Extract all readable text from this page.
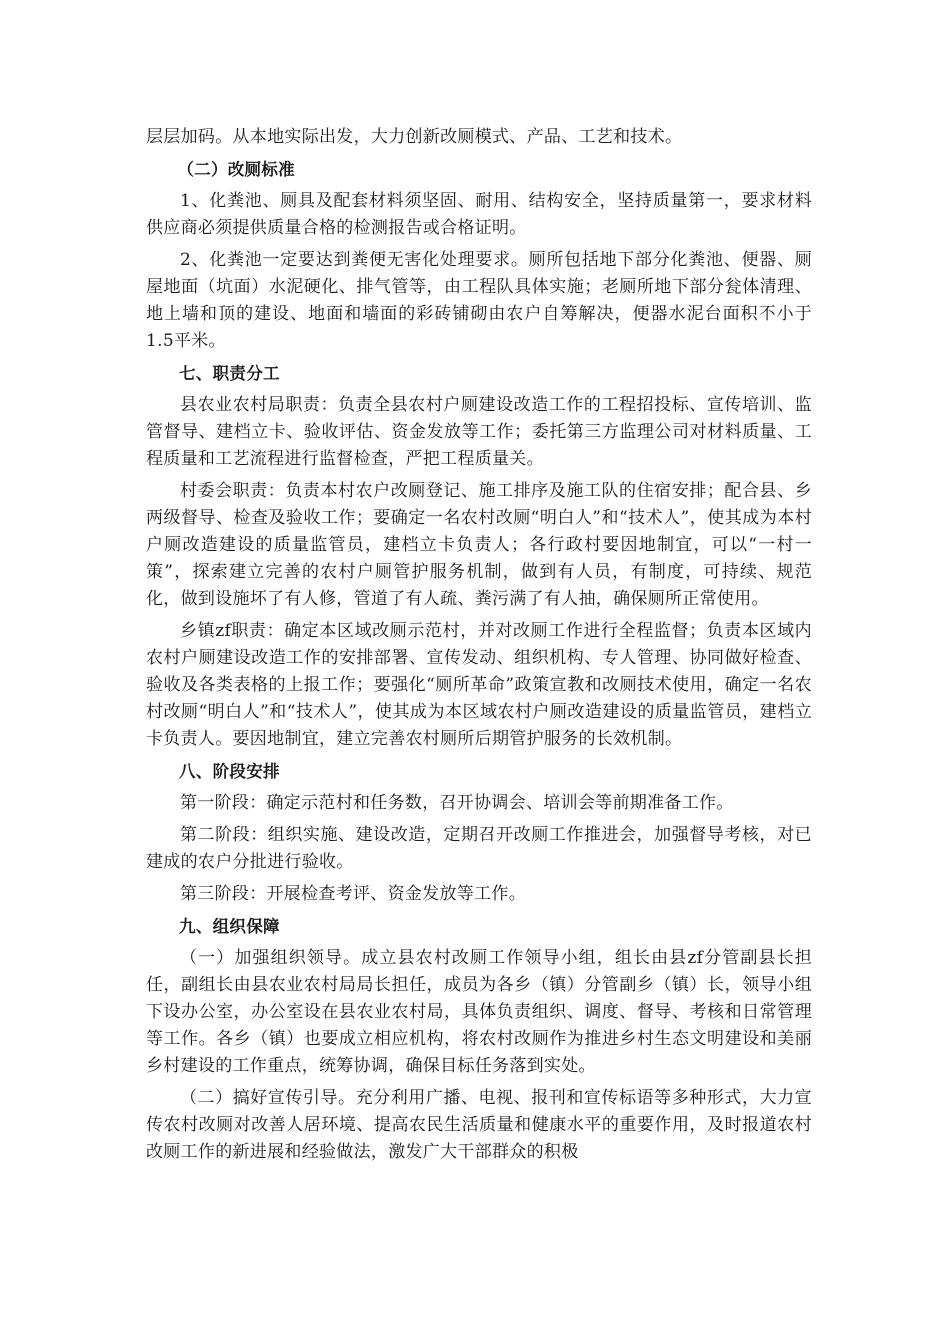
层层加码。从本地实际出发，大力创新改厕模式、产品、工艺和技术。

（二）改厕标准

1、化粪池、厕具及配套材料须坚固、耐用、结构安全，坚持质量第一，要求材料供应商必须提供质量合格的检测报告或合格证明。

2、化粪池一定要达到粪便无害化处理要求。厕所包括地下部分化粪池、便器、厕屋地面（坑面）水泥硬化、排气管等，由工程队具体实施；老厕所地下部分瓮体清理、地上墙和顶的建设、地面和墙面的彩砖铺砌由农户自筹解决，便器水泥台面积不小于1.5平米。

七、职责分工

县农业农村局职责：负责全县农村户厕建设改造工作的工程招投标、宣传培训、监管督导、建档立卡、验收评估、资金发放等工作；委托第三方监理公司对材料质量、工程质量和工艺流程进行监督检查，严把工程质量关。

村委会职责：负责本村农户改厕登记、施工排序及施工队的住宿安排；配合县、乡两级督导、检查及验收工作；要确定一名农村改厕“明白人”和“技术人”，使其成为本村户厕改造建设的质量监管员，建档立卡负责人；各行政村要因地制宜，可以“一村一策”，探索建立完善的农村户厕管护服务机制，做到有人员，有制度，可持续、规范化，做到设施坏了有人修，管道了有人疏、粪污满了有人抽，确保厕所正常使用。

乡镇zf职责：确定本区域改厕示范村，并对改厕工作进行全程监督；负责本区域内农村户厕建设改造工作的安排部署、宣传发动、组织机构、专人管理、协同做好检查、验收及各类表格的上报工作；要强化“厕所革命”政策宣教和改厕技术使用，确定一名农村改厕“明白人”和“技术人”，使其成为本区域农村户厕改造建设的质量监管员，建档立卡负责人。要因地制宜，建立完善农村厕所后期管护服务的长效机制。

八、阶段安排

第一阶段：确定示范村和任务数，召开协调会、培训会等前期准备工作。

第二阶段：组织实施、建设改造，定期召开改厕工作推进会，加强督导考核，对已建成的农户分批进行验收。

第三阶段：开展检查考评、资金发放等工作。

九、组织保障

（一）加强组织领导。成立县农村改厕工作领导小组，组长由县zf分管副县长担任，副组长由县农业农村局局长担任，成员为各乡（镇）分管副乡（镇）长，领导小组下设办公室，办公室设在县农业农村局，具体负责组织、调度、督导、考核和日常管理等工作。各乡（镇）也要成立相应机构，将农村改厕作为推进乡村生态文明建设和美丽乡村建设的工作重点，统筹协调，确保目标任务落到实处。

（二）搞好宣传引导。充分利用广播、电视、报刊和宣传标语等多种形式，大力宣传农村改厕对改善人居环境、提高农民生活质量和健康水平的重要作用，及时报道农村改厕工作的新进展和经验做法，激发广大干部群众的积极
